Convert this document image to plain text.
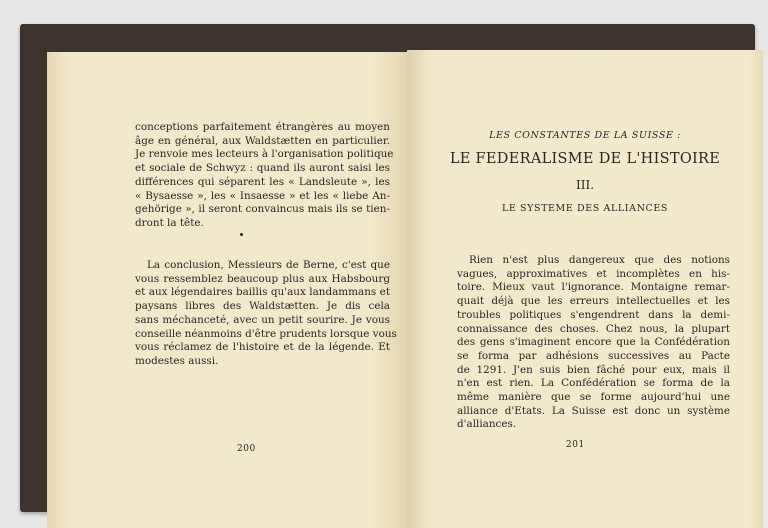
conceptions parfaitement étrangères au moyen
âge en général, aux Waldstætten en particulier.
Je renvoie mes lecteurs à l'organisation politique
et sociale de Schwyz : quand ils auront saisi les
différences qui séparent les « Landsleute », les
« Bysaesse », les « Insaesse » et les « liebe An-
gehörige », il seront convaincus mais ils se tien-
dront la tête.
La conclusion, Messieurs de Berne, c'est que
vous ressemblez beaucoup plus aux Habsbourg
et aux légendaires baillis qu'aux landammans et
paysans libres des Waldstætten. Je dis cela
sans méchanceté, avec un petit sourire. Je vous
conseille néanmoins d'être prudents lorsque vous
vous réclamez de l'histoire et de la légende. Et
modestes aussi.
200
LES CONSTANTES DE LA SUISSE :
LE FEDERALISME DE L'HISTOIRE
III.
LE SYSTEME DES ALLIANCES
Rien n'est plus dangereux que des notions
vagues, approximatives et incomplètes en his-
toire. Mieux vaut l'ignorance. Montaigne remar-
quait déjà que les erreurs intellectuelles et les
troubles politiques s'engendrent dans la demi-
connaissance des choses. Chez nous, la plupart
des gens s'imaginent encore que la Confédération
se forma par adhésions successives au Pacte
de 1291. J'en suis bien fâché pour eux, mais il
n'en est rien. La Confédération se forma de la
même manière que se forme aujourd'hui une
alliance d'Etats. La Suisse est donc un système
d'alliances.
201
